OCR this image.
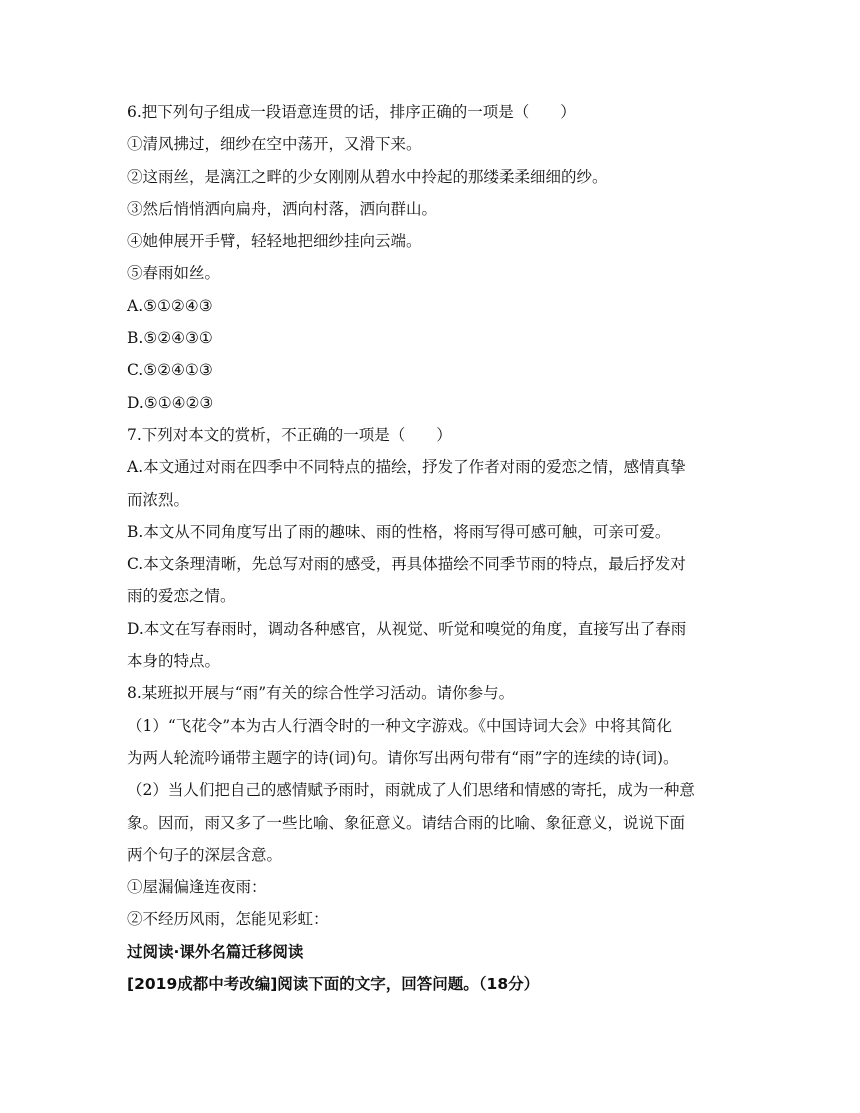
6.把下列句子组成一段语意连贯的话，排序正确的一项是（　　）
①清风拂过，细纱在空中荡开，又滑下来。
②这雨丝，是漓江之畔的少女刚刚从碧水中拎起的那缕柔柔细细的纱。
③然后悄悄洒向扁舟，洒向村落，洒向群山。
④她伸展开手臂，轻轻地把细纱挂向云端。
⑤春雨如丝。
A.⑤①②④③
B.⑤②④③①
C.⑤②④①③
D.⑤①④②③
7.下列对本文的赏析，不正确的一项是（　　）
A.本文通过对雨在四季中不同特点的描绘，抒发了作者对雨的爱恋之情，感情真挚
而浓烈。
B.本文从不同角度写出了雨的趣味、雨的性格，将雨写得可感可触，可亲可爱。
C.本文条理清晰，先总写对雨的感受，再具体描绘不同季节雨的特点，最后抒发对
雨的爱恋之情。
D.本文在写春雨时，调动各种感官，从视觉、听觉和嗅觉的角度，直接写出了春雨
本身的特点。
8.某班拟开展与“雨”有关的综合性学习活动。请你参与。
（1）“飞花令”本为古人行酒令时的一种文字游戏。《中国诗词大会》中将其简化
为两人轮流吟诵带主题字的诗(词)句。请你写出两句带有“雨”字的连续的诗(词)。
（2）当人们把自己的感情赋予雨时，雨就成了人们思绪和情感的寄托，成为一种意
象。因而，雨又多了一些比喻、象征意义。请结合雨的比喻、象征意义，说说下面
两个句子的深层含意。
①屋漏偏逢连夜雨：
②不经历风雨，怎能见彩虹：
过阅读·课外名篇迁移阅读
[2019成都中考改编]阅读下面的文字，回答问题。（18分）
